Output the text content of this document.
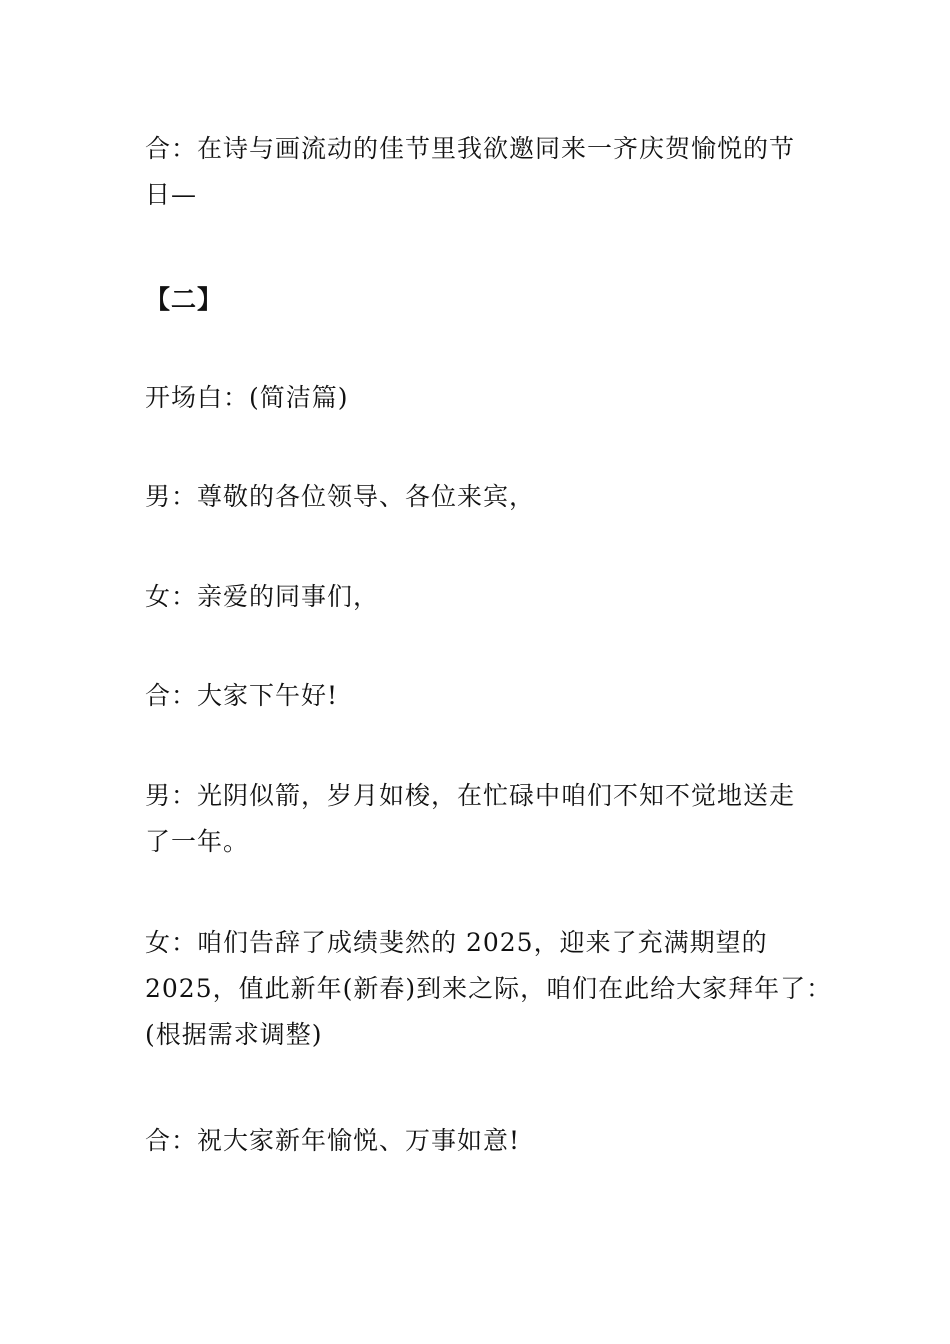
合：在诗与画流动的佳节里我欲邀同来一齐庆贺愉悦的节
日—

【二】

开场白：(简洁篇)

男：尊敬的各位领导、各位来宾，

女：亲爱的同事们，

合：大家下午好!

男：光阴似箭，岁月如梭，在忙碌中咱们不知不觉地送走
了一年。

女：咱们告辞了成绩斐然的 2025，迎来了充满期望的
2025，值此新年(新春)到来之际，咱们在此给大家拜年了：
(根据需求调整)

合：祝大家新年愉悦、万事如意!
